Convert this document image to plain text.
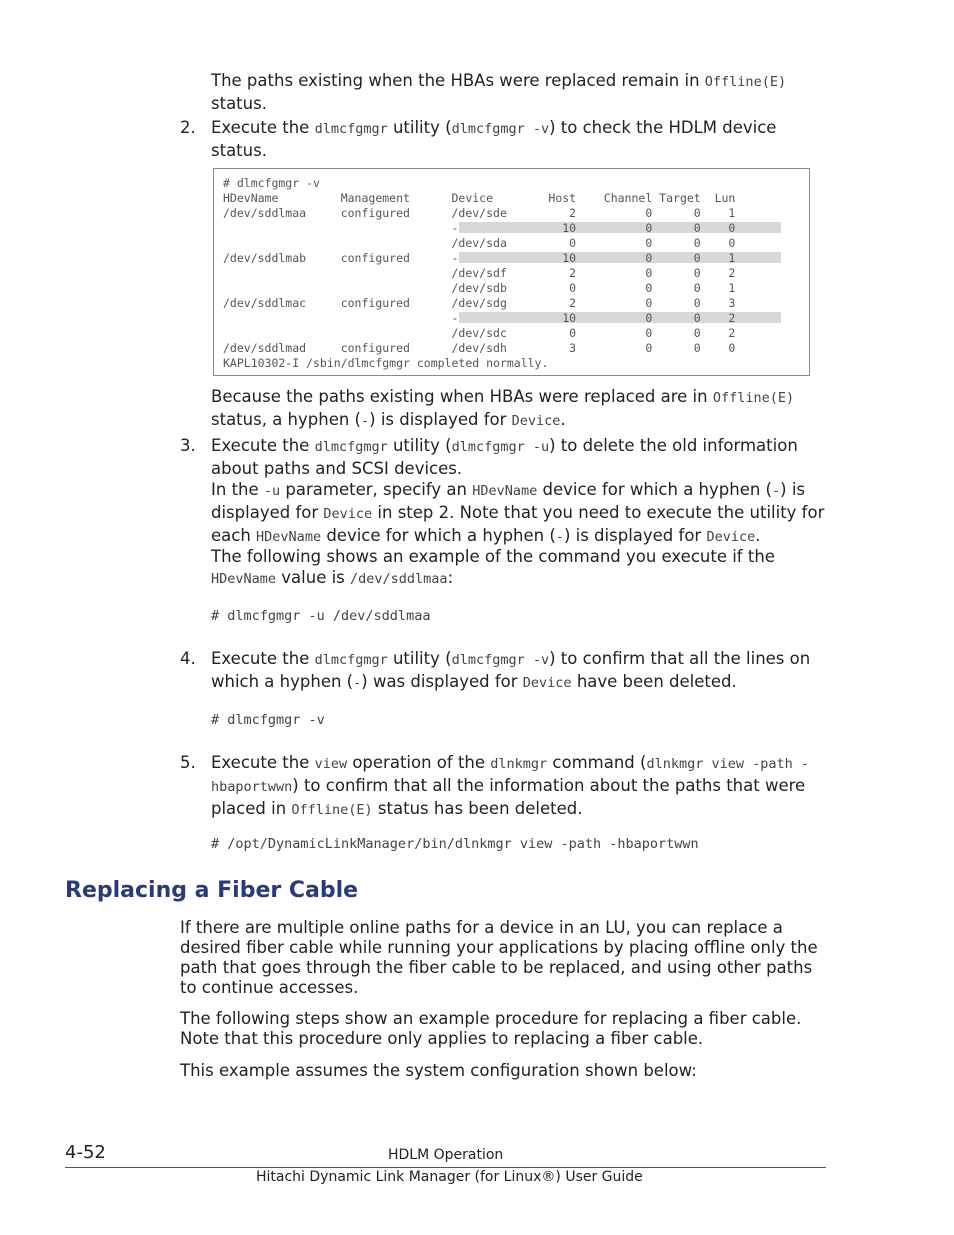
The paths existing when the HBAs were replaced remain in Offline(E) status.

2. Execute the dlmcfgmgr utility (dlmcfgmgr -v) to check the HDLM device status.

# dlmcfgmgr -v
HDevName         Management      Device        Host    Channel Target  Lun
/dev/sddlmaa     configured      /dev/sde         2          0      0    1
-               10          0      0    0
/dev/sda         0          0      0    0
/dev/sddlmab     configured      -               10          0      0    1
/dev/sdf         2          0      0    2
/dev/sdb         0          0      0    1
/dev/sddlmac     configured      /dev/sdg         2          0      0    3
-               10          0      0    2
/dev/sdc         0          0      0    2
/dev/sddlmad     configured      /dev/sdh         3          0      0    0
KAPL10302-I /sbin/dlmcfgmgr completed normally.

Because the paths existing when HBAs were replaced are in Offline(E) status, a hyphen (-) is displayed for Device.

3. Execute the dlmcfgmgr utility (dlmcfgmgr -u) to delete the old information about paths and SCSI devices.

In the -u parameter, specify an HDevName device for which a hyphen (-) is displayed for Device in step 2. Note that you need to execute the utility for each HDevName device for which a hyphen (-) is displayed for Device.

The following shows an example of the command you execute if the HDevName value is /dev/sddlmaa:

# dlmcfgmgr -u /dev/sddlmaa
4. Execute the dlmcfgmgr utility (dlmcfgmgr -v) to confirm that all the lines on which a hyphen (-) was displayed for Device have been deleted.

# dlmcfgmgr -v
5. Execute the view operation of the dlnkmgr command (dlnkmgr view -path -hbaportwwn) to confirm that all the information about the paths that were placed in Offline(E) status has been deleted.

# /opt/DynamicLinkManager/bin/dlnkmgr view -path -hbaportwwn
Replacing a Fiber Cable

If there are multiple online paths for a device in an LU, you can replace a desired fiber cable while running your applications by placing offline only the path that goes through the fiber cable to be replaced, and using other paths to continue accesses.

The following steps show an example procedure for replacing a fiber cable. Note that this procedure only applies to replacing a fiber cable.

This example assumes the system configuration shown below:

4-52	HDLM Operation
Hitachi Dynamic Link Manager (for Linux®) User Guide
